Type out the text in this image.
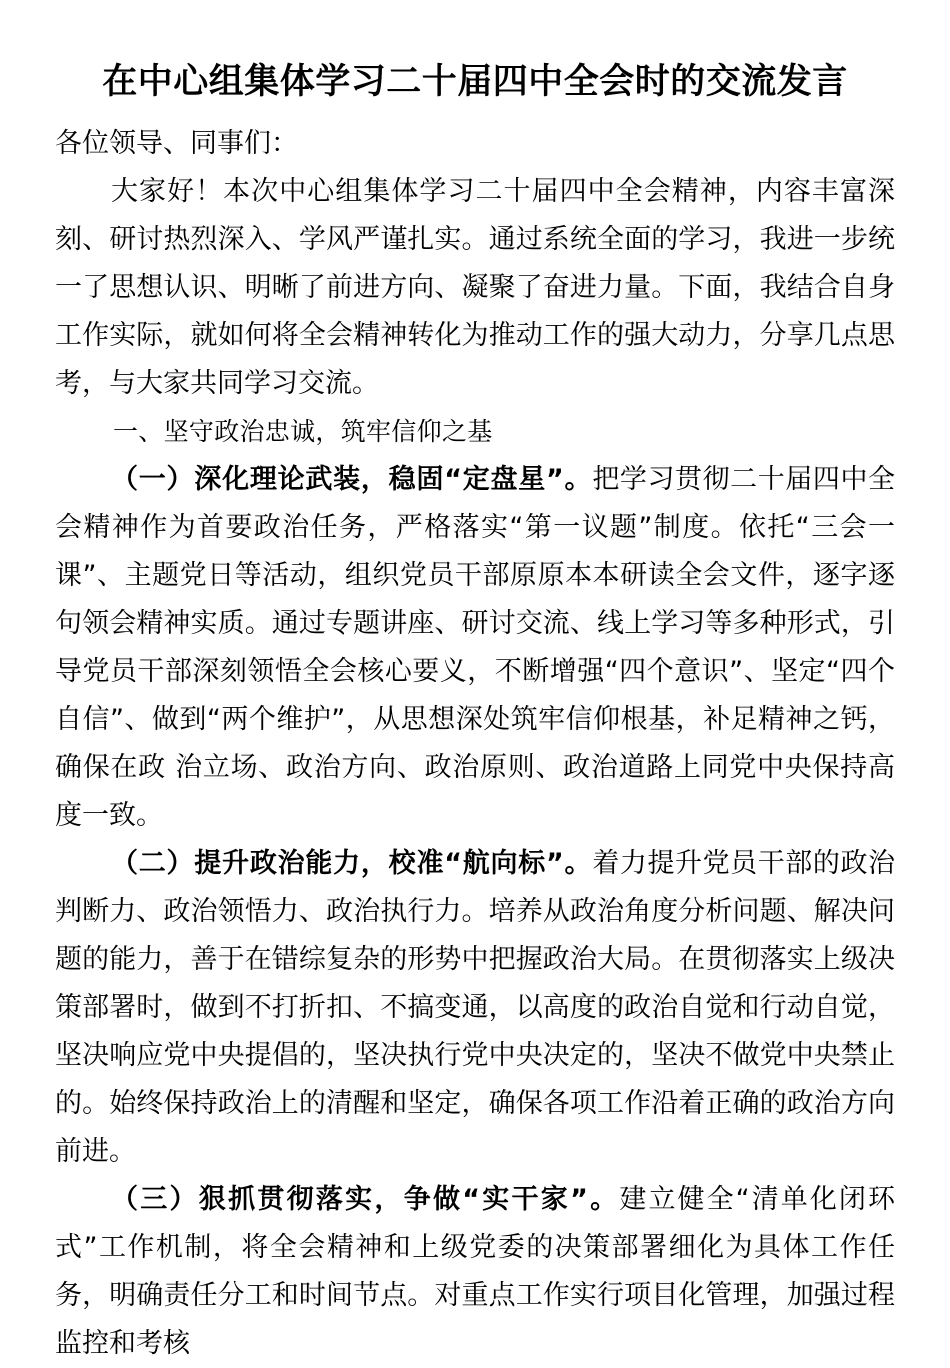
在中心组集体学习二十届四中全会时的交流发言

各位领导、同事们：

大家好！本次中心组集体学习二十届四中全会精神，内容丰富深刻、研讨热烈深入、学风严谨扎实。通过系统全面的学习，我进一步统一了思想认识、明晰了前进方向、凝聚了奋进力量。下面，我结合自身工作实际，就如何将全会精神转化为推动工作的强大动力，分享几点思考，与大家共同学习交流。

一、坚守政治忠诚，筑牢信仰之基

（一）深化理论武装，稳固“定盘星”。把学习贯彻二十届四中全会精神作为首要政治任务，严格落实“第一议题”制度。依托“三会一课”、主题党日等活动，组织党员干部原原本本研读全会文件，逐字逐句领会精神实质。通过专题讲座、研讨交流、线上学习等多种形式，引导党员干部深刻领悟全会核心要义，不断增强“四个意识”、坚定“四个自信”、做到“两个维护”，从思想深处筑牢信仰根基，补足精神之钙，确保在政 治立场、政治方向、政治原则、政治道路上同党中央保持高度一致。

（二）提升政治能力，校准“航向标”。着力提升党员干部的政治判断力、政治领悟力、政治执行力。培养从政治角度分析问题、解决问题的能力，善于在错综复杂的形势中把握政治大局。在贯彻落实上级决策部署时，做到不打折扣、不搞变通，以高度的政治自觉和行动自觉，坚决响应党中央提倡的，坚决执行党中央决定的，坚决不做党中央禁止的。始终保持政治上的清醒和坚定，确保各项工作沿着正确的政治方向前进。

（三）狠抓贯彻落实，争做“实干家”。建立健全“清单化闭环式”工作机制，将全会精神和上级党委的决策部署细化为具体工作任务，明确责任分工和时间节点。对重点工作实行项目化管理，加强过程监控和考核
